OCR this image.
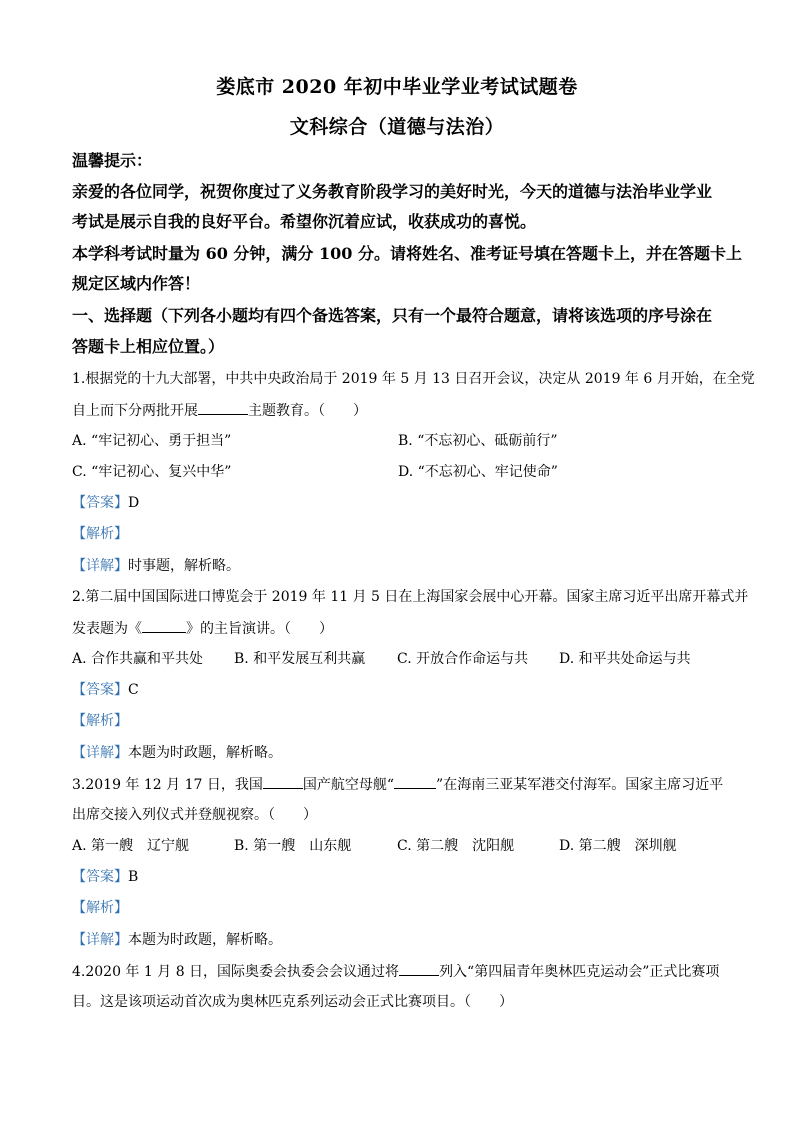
娄底市 2020 年初中毕业学业考试试题卷
文科综合（道德与法治）
温馨提示：
亲爱的各位同学，祝贺你度过了义务教育阶段学习的美好时光，今天的道德与法治毕业学业
考试是展示自我的良好平台。希望你沉着应试，收获成功的喜悦。
本学科考试时量为 60 分钟，满分 100 分。请将姓名、准考证号填在答题卡上，并在答题卡上
规定区域内作答！
一、选择题（下列各小题均有四个备选答案，只有一个最符合题意，请将该选项的序号涂在
答题卡上相应位置。）
1.根据党的十九大部署，中共中央政治局于 2019 年 5 月 13 日召开会议，决定从 2019 年 6 月开始，在全党
自上而下分两批开展	主题教育。（　　）
A. “牢记初心、勇于担当”	B. “不忘初心、砥砺前行”
C. “牢记初心、复兴中华”	D. “不忘初心、牢记使命”
【答案】D
【解析】
【详解】时事题，解析略。
2.第二届中国国际进口博览会于 2019 年 11 月 5 日在上海国家会展中心开幕。国家主席习近平出席开幕式并
发表题为《	》的主旨演讲。（　　）
A. 合作共赢和平共处 B. 和平发展互利共赢 C. 开放合作命运与共 D. 和平共处命运与共
【答案】C
【解析】
【详解】本题为时政题，解析略。
3.2019 年 12 月 17 日，我国	国产航空母舰“	”在海南三亚某军港交付海军。国家主席习近平
出席交接入列仪式并登舰视察。（　　）
A. 第一艘　辽宁舰	B. 第一艘　山东舰	C. 第二艘　沈阳舰	D. 第二艘　深圳舰
【答案】B
【解析】
【详解】本题为时政题，解析略。
4.2020 年 1 月 8 日，国际奥委会执委会会议通过将	列入“第四届青年奥林匹克运动会”正式比赛项
目。这是该项运动首次成为奥林匹克系列运动会正式比赛项目。（　　）
